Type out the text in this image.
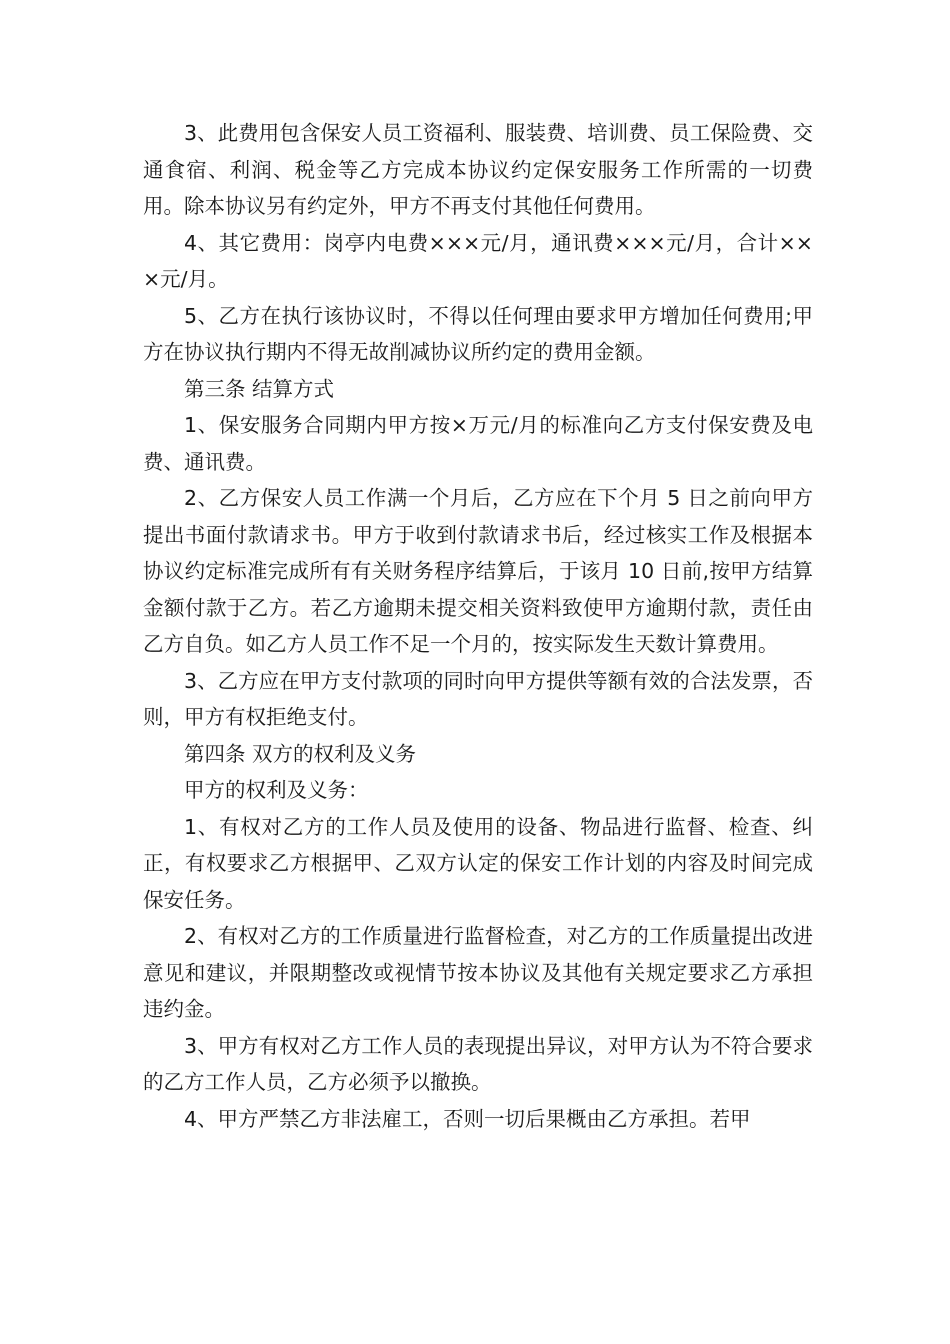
3、此费用包含保安人员工资福利、服装费、培训费、员工保险费、交通食宿、利润、税金等乙方完成本协议约定保安服务工作所需的一切费用。除本协议另有约定外，甲方不再支付其他任何费用。

4、其它费用：岗亭内电费×××元/月，通讯费×××元/月，合计×××元/月。

5、乙方在执行该协议时，不得以任何理由要求甲方增加任何费用;甲方在协议执行期内不得无故削减协议所约定的费用金额。

第三条 结算方式

1、保安服务合同期内甲方按×万元/月的标准向乙方支付保安费及电费、通讯费。

2、乙方保安人员工作满一个月后，乙方应在下个月 5 日之前向甲方提出书面付款请求书。甲方于收到付款请求书后，经过核实工作及根据本协议约定标准完成所有有关财务程序结算后，于该月 10 日前,按甲方结算金额付款于乙方。若乙方逾期未提交相关资料致使甲方逾期付款，责任由乙方自负。如乙方人员工作不足一个月的，按实际发生天数计算费用。

3、乙方应在甲方支付款项的同时向甲方提供等额有效的合法发票，否则，甲方有权拒绝支付。

第四条 双方的权利及义务

甲方的权利及义务：

1、有权对乙方的工作人员及使用的设备、物品进行监督、检查、纠正，有权要求乙方根据甲、乙双方认定的保安工作计划的内容及时间完成保安任务。

2、有权对乙方的工作质量进行监督检查，对乙方的工作质量提出改进意见和建议，并限期整改或视情节按本协议及其他有关规定要求乙方承担违约金。

3、甲方有权对乙方工作人员的表现提出异议，对甲方认为不符合要求的乙方工作人员，乙方必须予以撤换。

4、甲方严禁乙方非法雇工，否则一切后果概由乙方承担。若甲
